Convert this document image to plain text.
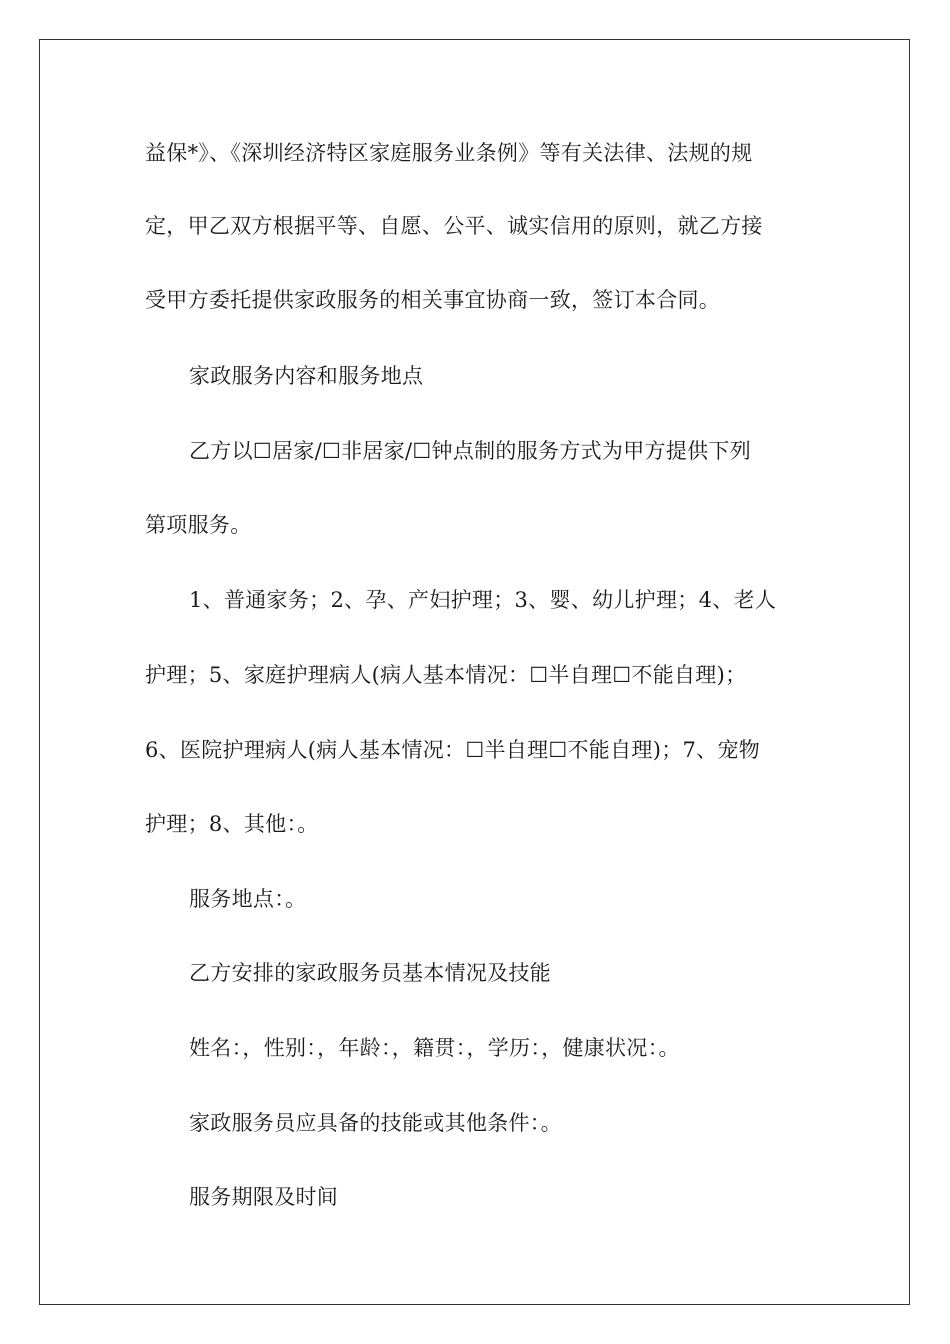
益保*》、《深圳经济特区家庭服务业条例》等有关法律、法规的规
定，甲乙双方根据平等、自愿、公平、诚实信用的原则，就乙方接
受甲方委托提供家政服务的相关事宜协商一致，签订本合同。
家政服务内容和服务地点
乙方以☐居家/☐非居家/☐钟点制的服务方式为甲方提供下列
第项服务。
1、普通家务；2、孕、产妇护理；3、婴、幼儿护理；4、老人
护理；5、家庭护理病人(病人基本情况：☐半自理☐不能自理)；
6、医院护理病人(病人基本情况：☐半自理☐不能自理)；7、宠物
护理；8、其他：。
服务地点：。
乙方安排的家政服务员基本情况及技能
姓名：，性别：，年龄：，籍贯：，学历：，健康状况：。
家政服务员应具备的技能或其他条件：。
服务期限及时间
